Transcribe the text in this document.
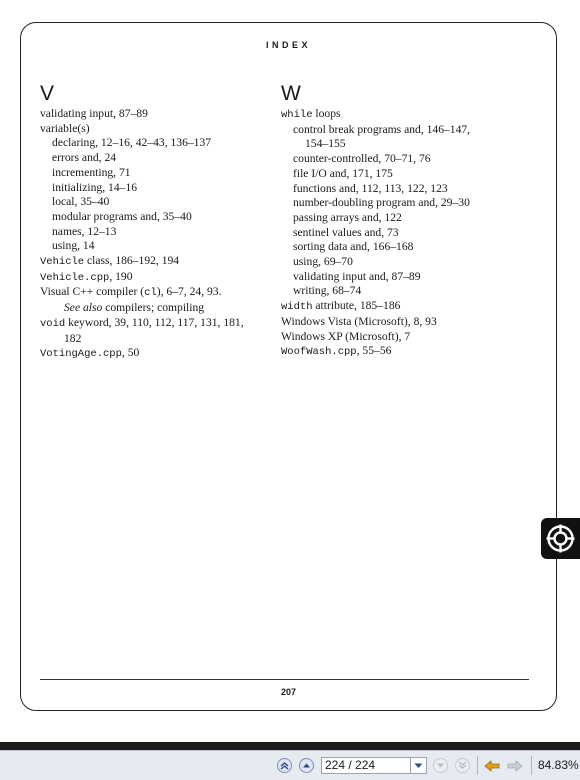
INDEX
V
validating input, 87–89
variable(s)
declaring, 12–16, 42–43, 136–137
errors and, 24
incrementing, 71
initializing, 14–16
local, 35–40
modular programs and, 35–40
names, 12–13
using, 14
Vehicle class, 186–192, 194
Vehicle.cpp, 190
Visual C++ compiler (cl), 6–7, 24, 93.
See also compilers; compiling
void keyword, 39, 110, 112, 117, 131, 181,
182
VotingAge.cpp, 50
W
while loops
control break programs and, 146–147,
154–155
counter-controlled, 70–71, 76
file I/O and, 171, 175
functions and, 112, 113, 122, 123
number-doubling program and, 29–30
passing arrays and, 122
sentinel values and, 73
sorting data and, 166–168
using, 69–70
validating input and, 87–89
writing, 68–74
width attribute, 185–186
Windows Vista (Microsoft), 8, 93
Windows XP (Microsoft), 7
WoofWash.cpp, 55–56
207
224 / 224	84.83%
